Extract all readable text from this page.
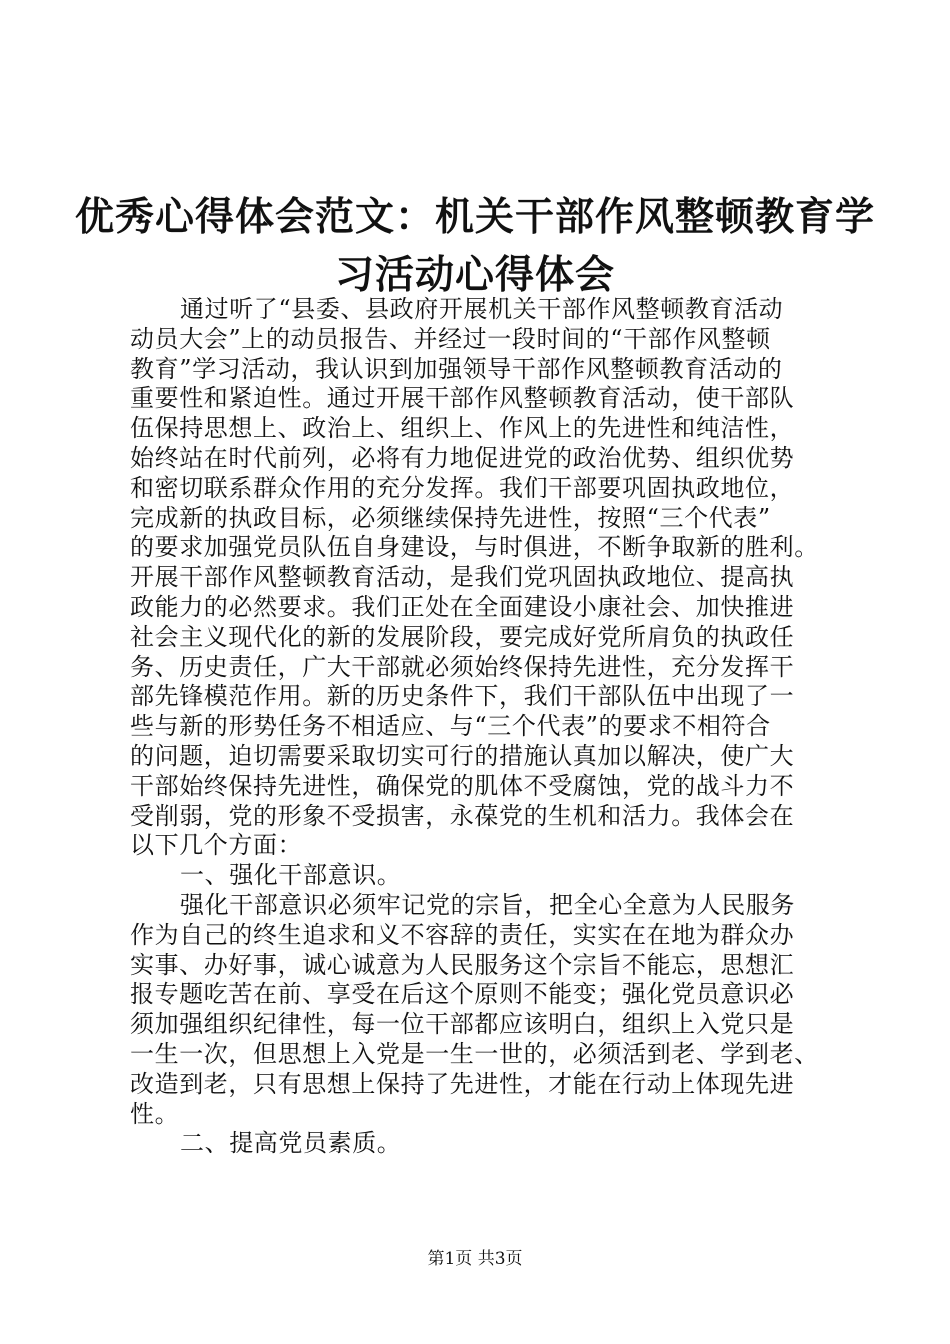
优秀心得体会范文：机关干部作风整顿教育学
习活动心得体会
通过听了“县委、县政府开展机关干部作风整顿教育活动
动员大会”上的动员报告、并经过一段时间的“干部作风整顿
教育”学习活动，我认识到加强领导干部作风整顿教育活动的
重要性和紧迫性。通过开展干部作风整顿教育活动，使干部队
伍保持思想上、政治上、组织上、作风上的先进性和纯洁性，
始终站在时代前列，必将有力地促进党的政治优势、组织优势
和密切联系群众作用的充分发挥。我们干部要巩固执政地位，
完成新的执政目标，必须继续保持先进性，按照“三个代表”
的要求加强党员队伍自身建设，与时俱进，不断争取新的胜利。
开展干部作风整顿教育活动，是我们党巩固执政地位、提高执
政能力的必然要求。我们正处在全面建设小康社会、加快推进
社会主义现代化的新的发展阶段，要完成好党所肩负的执政任
务、历史责任，广大干部就必须始终保持先进性，充分发挥干
部先锋模范作用。新的历史条件下，我们干部队伍中出现了一
些与新的形势任务不相适应、与“三个代表”的要求不相符合
的问题，迫切需要采取切实可行的措施认真加以解决，使广大
干部始终保持先进性，确保党的肌体不受腐蚀，党的战斗力不
受削弱，党的形象不受损害，永葆党的生机和活力。我体会在
以下几个方面：
一、强化干部意识。
强化干部意识必须牢记党的宗旨，把全心全意为人民服务
作为自己的终生追求和义不容辞的责任，实实在在地为群众办
实事、办好事，诚心诚意为人民服务这个宗旨不能忘，思想汇
报专题吃苦在前、享受在后这个原则不能变；强化党员意识必
须加强组织纪律性，每一位干部都应该明白，组织上入党只是
一生一次，但思想上入党是一生一世的，必须活到老、学到老、
改造到老，只有思想上保持了先进性，才能在行动上体现先进
性。
二、提高党员素质。
第1页 共3页
